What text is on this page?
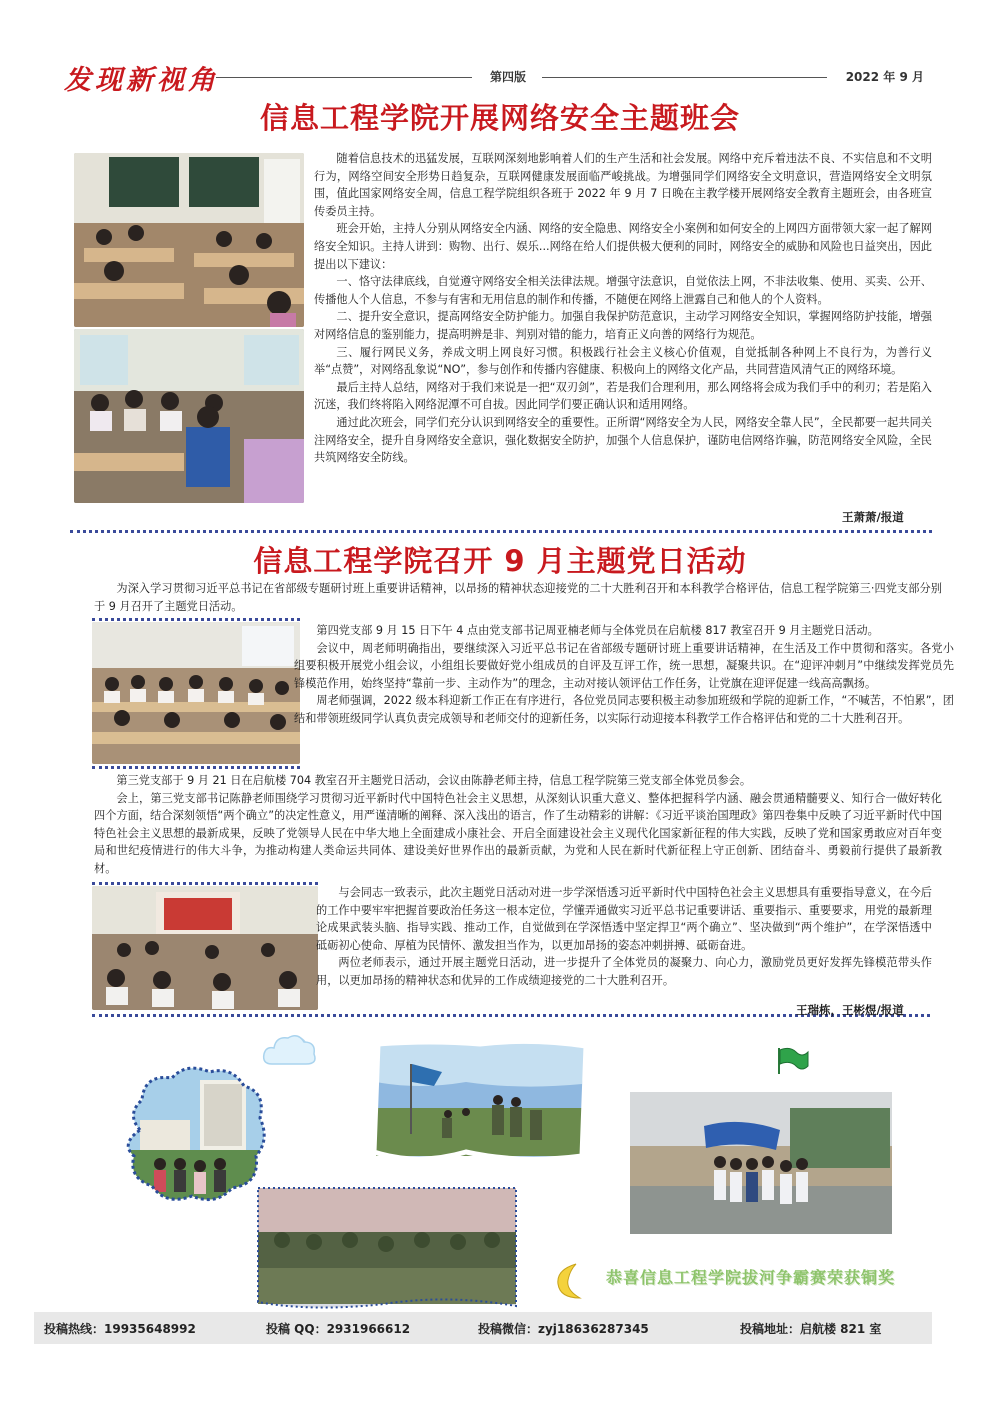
发现新视角	第四版	2022 年 9 月
信息工程学院开展网络安全主题班会

随着信息技术的迅猛发展，互联网深刻地影响着人们的生产生活和社会发展。网络中充斥着违法不良、不实信息和不文明行为，网络空间安全形势日趋复杂，互联网健康发展面临严峻挑战。为增强同学们网络安全文明意识，营造网络安全文明氛围，值此国家网络安全周，信息工程学院组织各班于 2022 年 9 月 7 日晚在主教学楼开展网络安全教育主题班会，由各班宣传委员主持。

班会开始，主持人分别从网络安全内涵、网络的安全隐患、网络安全小案例和如何安全的上网四方面带领大家一起了解网络安全知识。主持人讲到：购物、出行、娱乐...网络在给人们提供极大便利的同时，网络安全的威胁和风险也日益突出，因此提出以下建议：

一、恪守法律底线，自觉遵守网络安全相关法律法规。增强守法意识，自觉依法上网，不非法收集、使用、买卖、公开、传播他人个人信息，不参与有害和无用信息的制作和传播，不随便在网络上泄露自己和他人的个人资料。

二、提升安全意识，提高网络安全防护能力。加强自我保护防范意识，主动学习网络安全知识，掌握网络防护技能，增强对网络信息的鉴别能力，提高明辨是非、判别对错的能力，培育正义向善的网络行为规范。

三、履行网民义务，养成文明上网良好习惯。积极践行社会主义核心价值观，自觉抵制各种网上不良行为，为善行义举“点赞”，对网络乱象说“NO”，参与创作和传播内容健康、积极向上的网络文化产品，共同营造风清气正的网络环境。

最后主持人总结，网络对于我们来说是一把“双刃剑”，若是我们合理利用，那么网络将会成为我们手中的利刃；若是陷入沉迷，我们终将陷入网络泥潭不可自拔。因此同学们要正确认识和适用网络。

通过此次班会，同学们充分认识到网络安全的重要性。正所谓“网络安全为人民，网络安全靠人民”，全民都要一起共同关注网络安全，提升自身网络安全意识，强化数据安全防护，加强个人信息保护，谨防电信网络诈骗，防范网络安全风险，全民共筑网络安全防线。

王萧萧/报道
信息工程学院召开 9 月主题党日活动

为深入学习贯彻习近平总书记在省部级专题研讨班上重要讲话精神，以昂扬的精神状态迎接党的二十大胜利召开和本科教学合格评估，信息工程学院第三·四党支部分别于 9 月召开了主题党日活动。

第四党支部 9 月 15 日下午 4 点由党支部书记周亚楠老师与全体党员在启航楼 817 教室召开 9 月主题党日活动。

会议中，周老师明确指出，要继续深入习近平总书记在省部级专题研讨班上重要讲话精神，在生活及工作中贯彻和落实。各党小组要积极开展党小组会议，小组组长要做好党小组成员的自评及互评工作，统一思想，凝聚共识。在“迎评冲刺月”中继续发挥党员先锋模范作用，始终坚持“靠前一步、主动作为”的理念，主动对接认领评估工作任务，让党旗在迎评促建一线高高飘扬。

周老师强调，2022 级本科迎新工作正在有序进行，各位党员同志要积极主动参加班级和学院的迎新工作，“不喊苦，不怕累”，团结和带领班级同学认真负责完成领导和老师交付的迎新任务，以实际行动迎接本科教学工作合格评估和党的二十大胜利召开。

第三党支部于 9 月 21 日在启航楼 704 教室召开主题党日活动，会议由陈静老师主持，信息工程学院第三党支部全体党员参会。

会上，第三党支部书记陈静老师围绕学习贯彻习近平新时代中国特色社会主义思想，从深刻认识重大意义、整体把握科学内涵、融会贯通精髓要义、知行合一做好转化四个方面，结合深刻领悟“两个确立”的决定性意义，用严谨清晰的阐释、深入浅出的语言，作了生动精彩的讲解：《习近平谈治国理政》第四卷集中反映了习近平新时代中国特色社会主义思想的最新成果，反映了党领导人民在中华大地上全面建成小康社会、开启全面建设社会主义现代化国家新征程的伟大实践，反映了党和国家勇敢应对百年变局和世纪疫情进行的伟大斗争，为推动构建人类命运共同体、建设美好世界作出的最新贡献，为党和人民在新时代新征程上守正创新、团结奋斗、勇毅前行提供了最新教材。

与会同志一致表示，此次主题党日活动对进一步学深悟透习近平新时代中国特色社会主义思想具有重要指导意义，在今后的工作中要牢牢把握首要政治任务这一根本定位，学懂弄通做实习近平总书记重要讲话、重要指示、重要要求，用党的最新理论成果武装头脑、指导实践、推动工作，自觉做到在学深悟透中坚定捍卫“两个确立”、坚决做到“两个维护”，在学深悟透中砥砺初心使命、厚植为民情怀、激发担当作为，以更加昂扬的姿态冲刺拼搏、砥砺奋进。

两位老师表示，通过开展主题党日活动，进一步提升了全体党员的凝聚力、向心力，激励党员更好发挥先锋模范带头作用，以更加昂扬的精神状态和优异的工作成绩迎接党的二十大胜利召开。

王瑞栋，王彬煜/报道
恭喜信息工程学院拔河争霸赛荣获铜奖
投稿热线：19935648992	投稿 QQ：2931966612	投稿微信：zyj18636287345	投稿地址：启航楼 821 室
